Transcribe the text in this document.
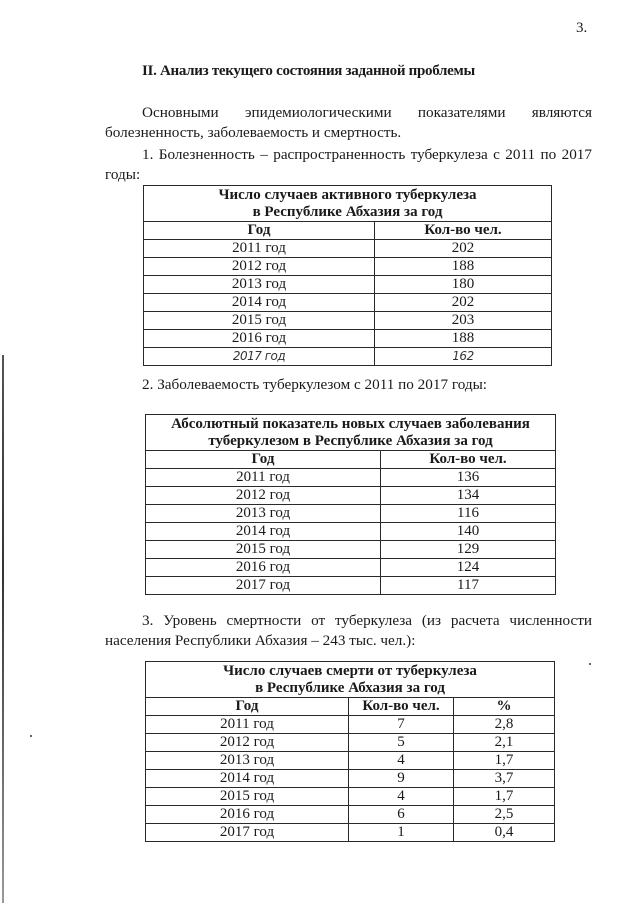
3.
II. Анализ текущего состояния заданной проблемы
Основными эпидемиологическими показателями являются болезненность, заболеваемость и смертность.
1. Болезненность – распространенность туберкулеза с 2011 по 2017 годы:
Число случаев активного туберкулеза
в Республике Абхазия за год	

Год	Кол-во чел.
2011 год	202
2012 год	188
2013 год	180
2014 год	202
2015 год	203
2016 год	188
2017 год	162
2. Заболеваемость туберкулезом с 2011 по 2017 годы:
Абсолютный показатель новых случаев заболевания
туберкулезом в Республике Абхазия за год	

Год	Кол-во чел.
2011 год	136
2012 год	134
2013 год	116
2014 год	140
2015 год	129
2016 год	124
2017 год	117
3. Уровень смертности от туберкулеза (из расчета численности населения Республики Абхазия – 243 тыс. чел.):
Число случаев смерти от туберкулеза
в Республике Абхазия за год		

Год	Кол-во чел.	%
2011 год	7	2,8
2012 год	5	2,1
2013 год	4	1,7
2014 год	9	3,7
2015 год	4	1,7
2016 год	6	2,5
2017 год	1	0,4
